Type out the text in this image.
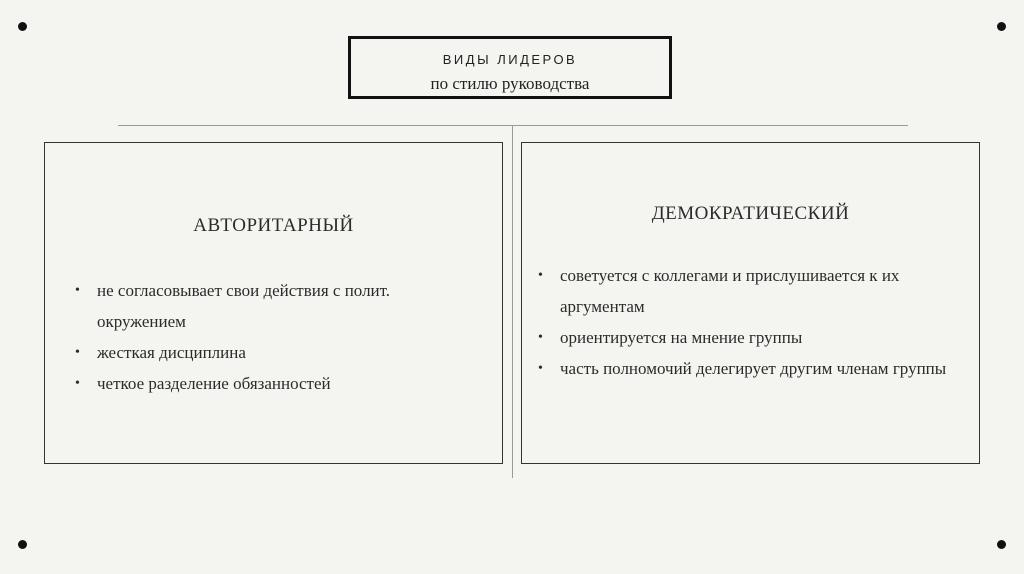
ВИДЫ ЛИДЕРОВ
по стилю руководства
АВТОРИТАРНЫЙ
• не согласовывает свои действия с полит. окружением
• жесткая дисциплина
• четкое разделение обязанностей
ДЕМОКРАТИЧЕСКИЙ
• советуется с коллегами и прислушивается к их аргументам
• ориентируется на мнение группы
• часть полномочий делегирует другим членам группы
